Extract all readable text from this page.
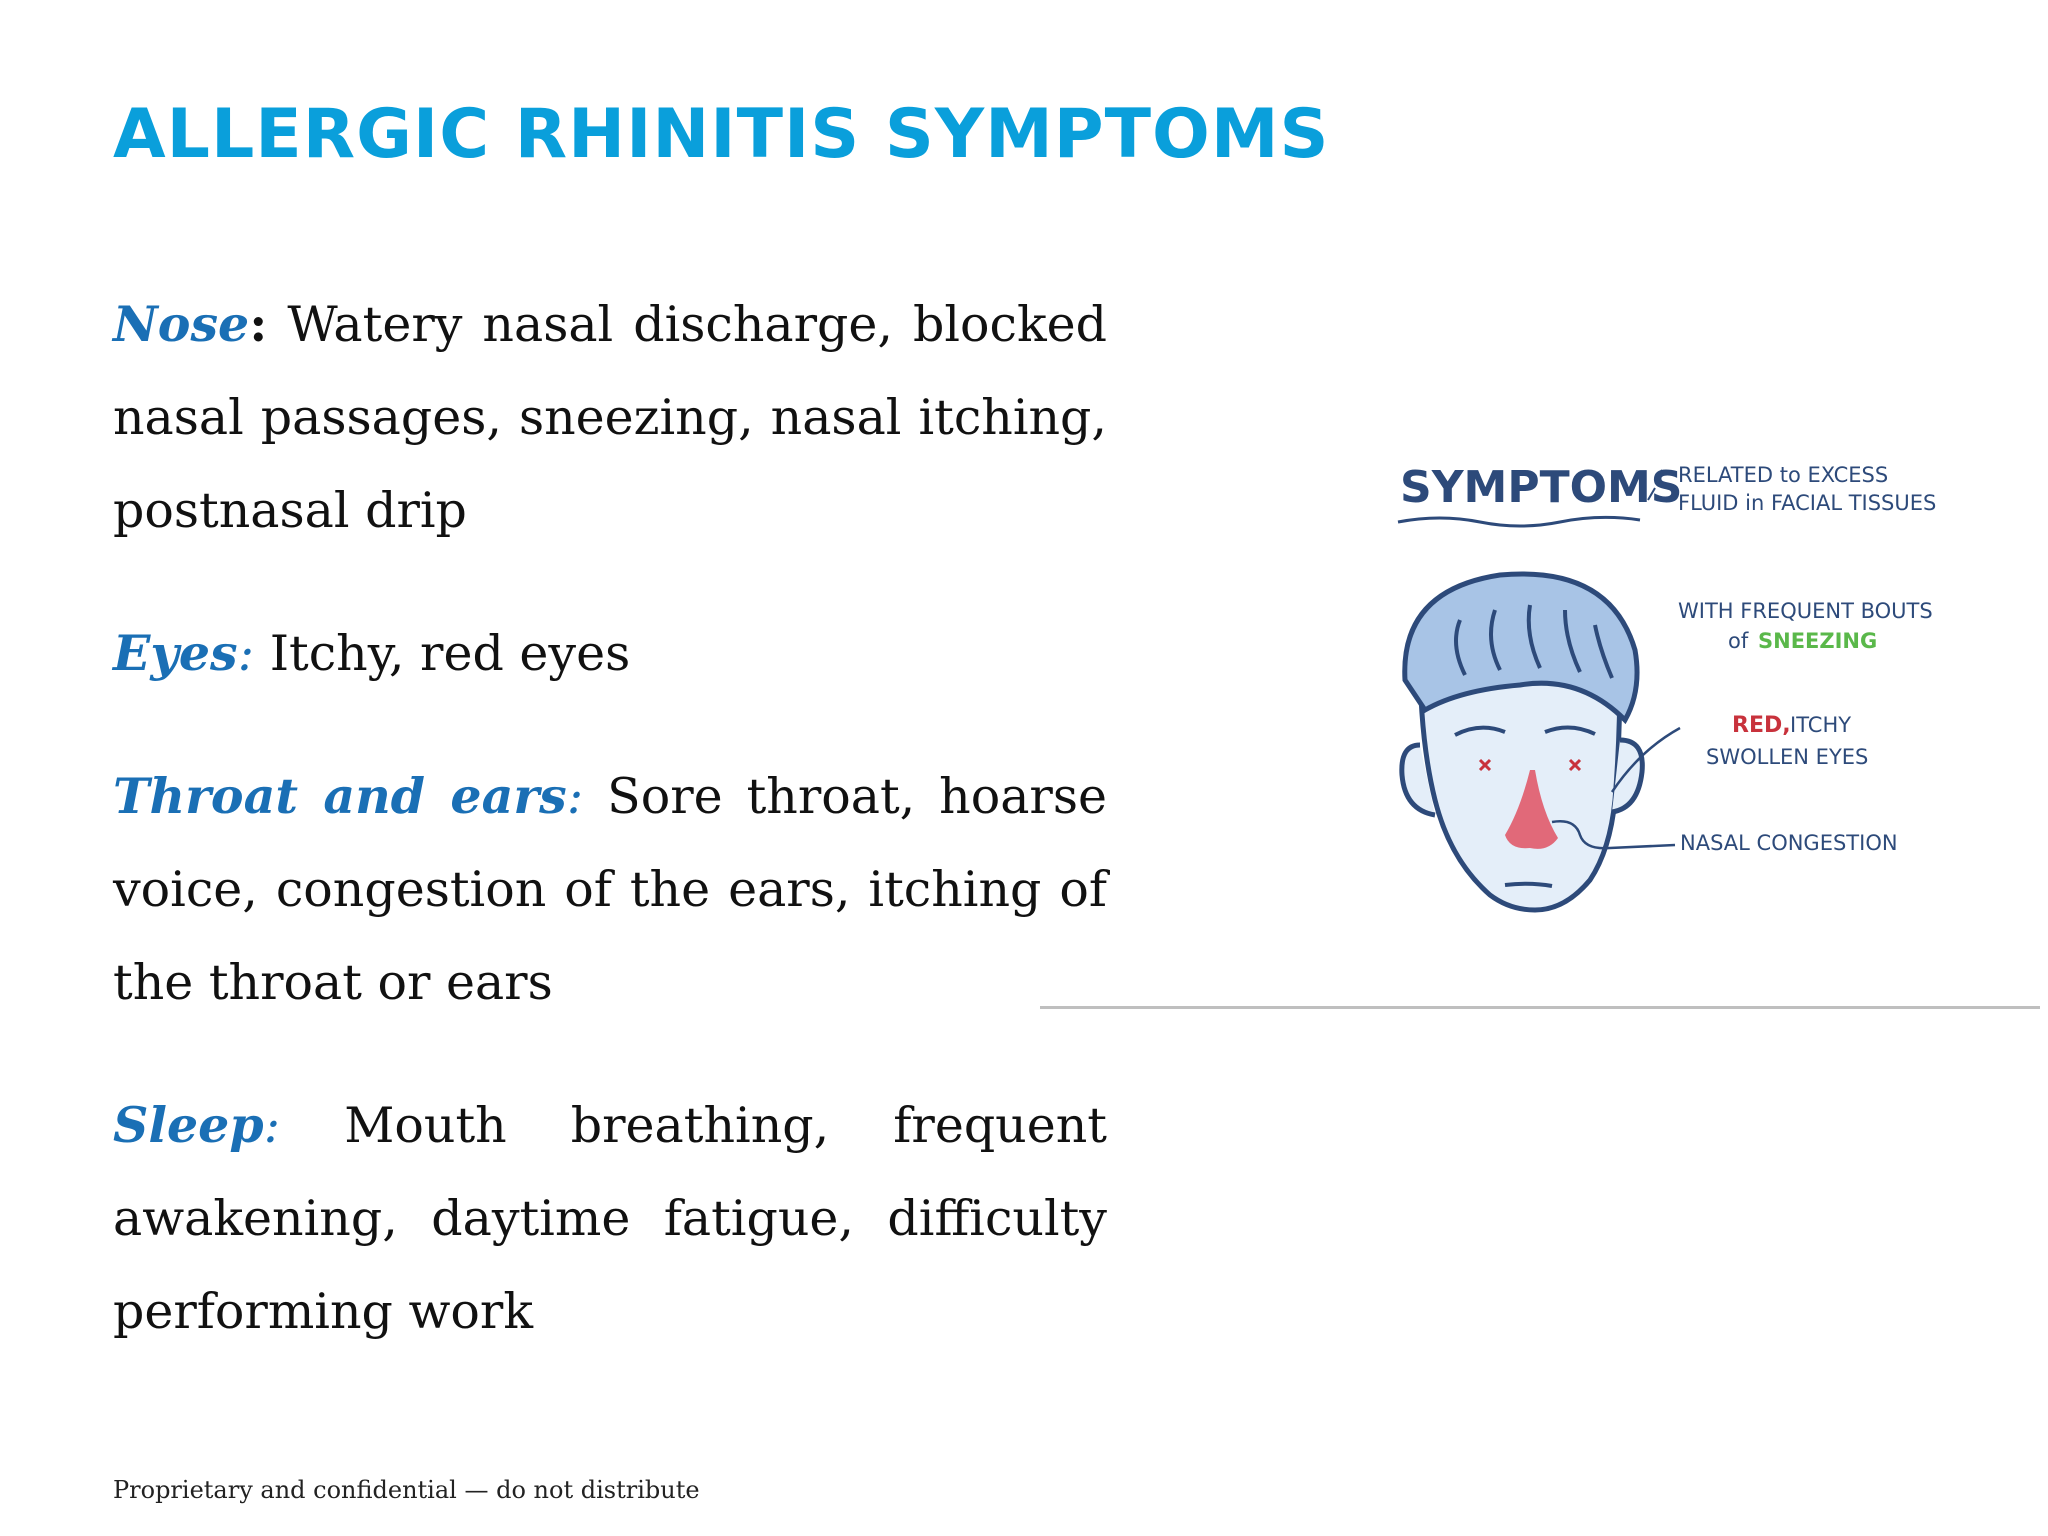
ALLERGIC RHINITIS SYMPTOMS

Nose: Watery nasal discharge, blocked nasal passages, sneezing, nasal itching, postnasal drip

Eyes: Itchy, red eyes

Throat and ears: Sore throat, hoarse voice, congestion of the ears, itching of the throat or ears

Sleep: Mouth breathing, frequent awakening, daytime fatigue, difficulty performing work

SYMPTOMS
RELATED to EXCESS
FLUID in FACIAL TISSUES
WITH FREQUENT BOUTS
of SNEEZING
RED, ITCHY
SWOLLEN EYES
NASAL CONGESTION
Proprietary and confidential — do not distribute
